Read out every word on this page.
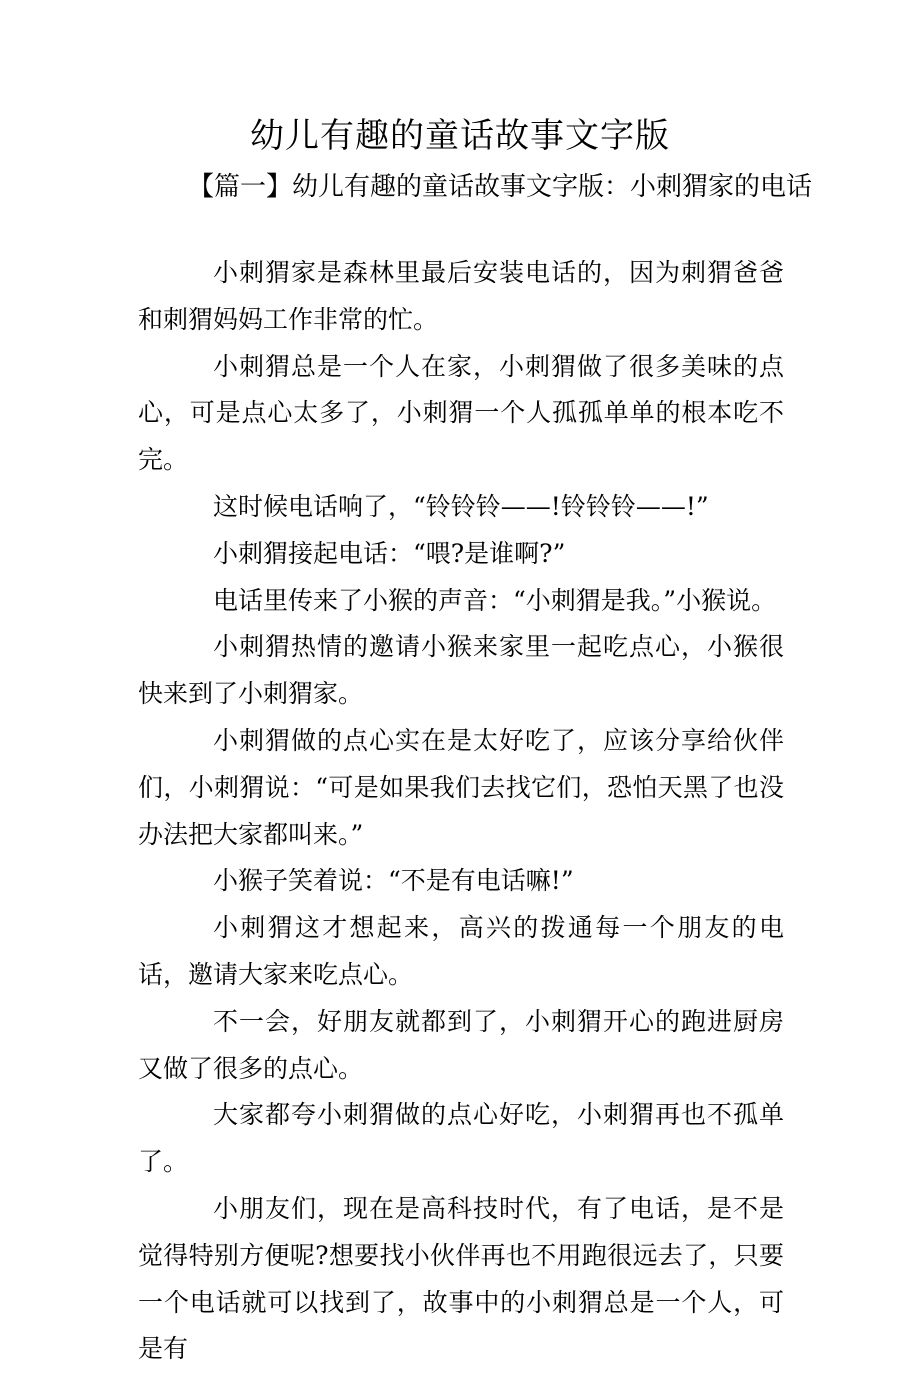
幼儿有趣的童话故事文字版

【篇一】幼儿有趣的童话故事文字版：小刺猬家的电话

小刺猬家是森林里最后安装电话的，因为刺猬爸爸和刺猬妈妈工作非常的忙。

小刺猬总是一个人在家，小刺猬做了很多美味的点心，可是点心太多了，小刺猬一个人孤孤单单的根本吃不完。

这时候电话响了，“铃铃铃——!铃铃铃——!”

小刺猬接起电话：“喂?是谁啊?”

电话里传来了小猴的声音：“小刺猬是我。”小猴说。

小刺猬热情的邀请小猴来家里一起吃点心，小猴很快来到了小刺猬家。

小刺猬做的点心实在是太好吃了，应该分享给伙伴们，小刺猬说：“可是如果我们去找它们，恐怕天黑了也没办法把大家都叫来。”

小猴子笑着说：“不是有电话嘛!”

小刺猬这才想起来，高兴的拨通每一个朋友的电话，邀请大家来吃点心。

不一会，好朋友就都到了，小刺猬开心的跑进厨房又做了很多的点心。

大家都夸小刺猬做的点心好吃，小刺猬再也不孤单了。

小朋友们，现在是高科技时代，有了电话，是不是觉得特别方便呢?想要找小伙伴再也不用跑很远去了，只要一个电话就可以找到了，故事中的小刺猬总是一个人，可是有
